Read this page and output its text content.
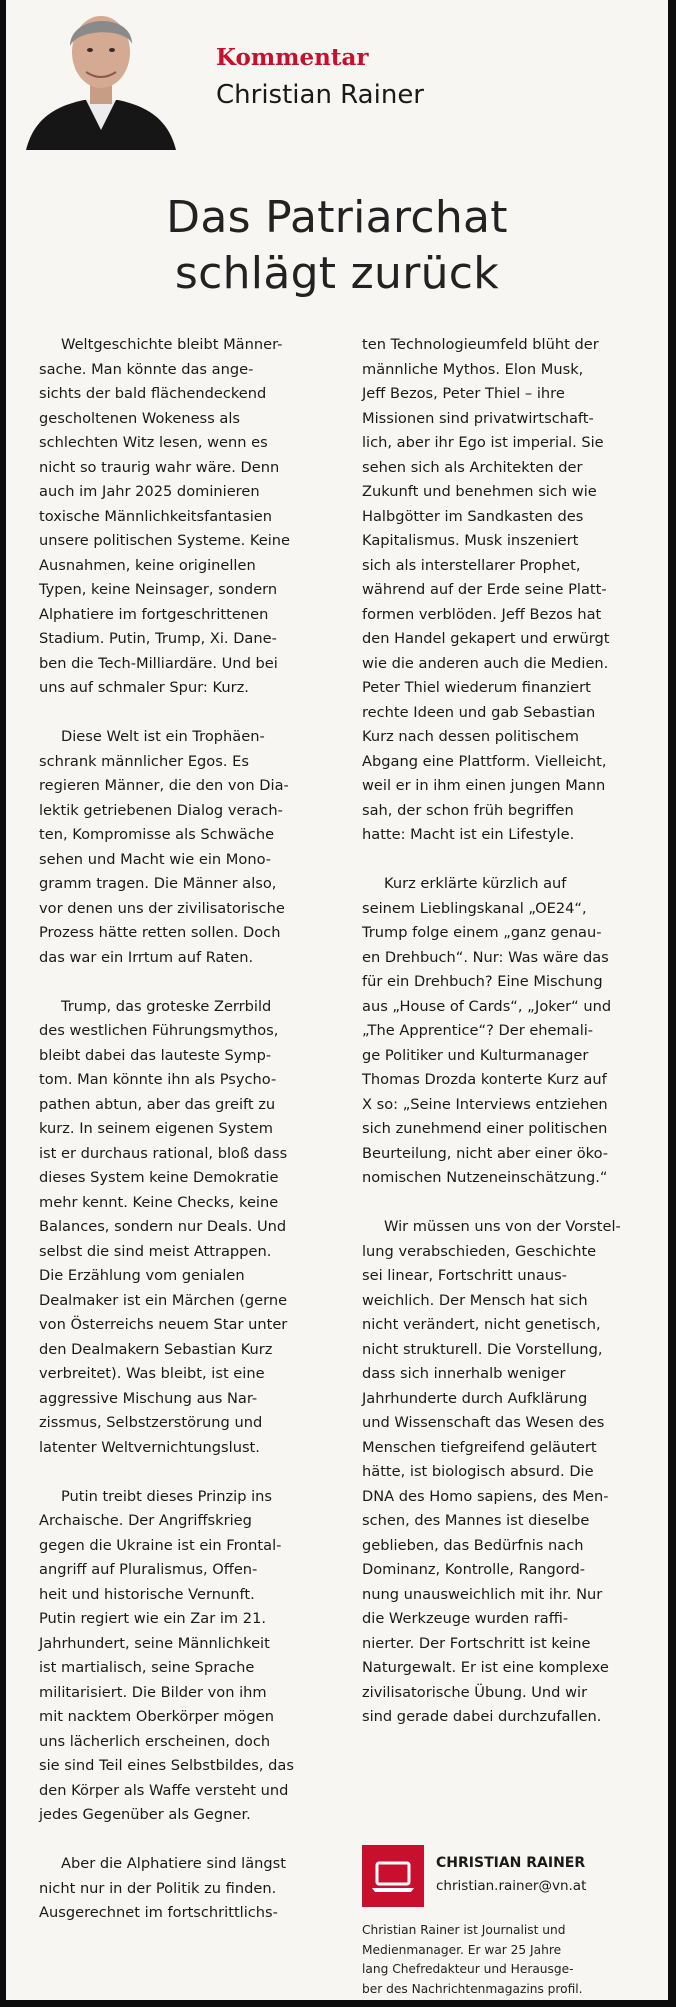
Kommentar
Christian Rainer
Das Patriarchat
schlägt zurück

Weltgeschichte bleibt Männer-
sache. Man könnte das ange-
sichts der bald flächendeckend
gescholtenen Wokeness als
schlechten Witz lesen, wenn es
nicht so traurig wahr wäre. Denn
auch im Jahr 2025 dominieren
toxische Männlichkeitsfantasien
unsere politischen Systeme. Keine
Ausnahmen, keine originellen
Typen, keine Neinsager, sondern
Alphatiere im fortgeschrittenen
Stadium. Putin, Trump, Xi. Dane-
ben die Tech-Milliardäre. Und bei
uns auf schmaler Spur: Kurz.

Diese Welt ist ein Trophäen-
schrank männlicher Egos. Es
regieren Männer, die den von Dia-
lektik getriebenen Dialog verach-
ten, Kompromisse als Schwäche
sehen und Macht wie ein Mono-
gramm tragen. Die Männer also,
vor denen uns der zivilisatorische
Prozess hätte retten sollen. Doch
das war ein Irrtum auf Raten.

Trump, das groteske Zerrbild
des westlichen Führungsmythos,
bleibt dabei das lauteste Symp-
tom. Man könnte ihn als Psycho-
pathen abtun, aber das greift zu
kurz. In seinem eigenen System
ist er durchaus rational, bloß dass
dieses System keine Demokratie
mehr kennt. Keine Checks, keine
Balances, sondern nur Deals. Und
selbst die sind meist Attrappen.
Die Erzählung vom genialen
Dealmaker ist ein Märchen (gerne
von Österreichs neuem Star unter
den Dealmakern Sebastian Kurz
verbreitet). Was bleibt, ist eine
aggressive Mischung aus Nar-
zissmus, Selbstzerstörung und
latenter Weltvernichtungslust.

Putin treibt dieses Prinzip ins
Archaische. Der Angriffskrieg
gegen die Ukraine ist ein Frontal-
angriff auf Pluralismus, Offen-
heit und historische Vernunft.
Putin regiert wie ein Zar im 21.
Jahrhundert, seine Männlichkeit
ist martialisch, seine Sprache
militarisiert. Die Bilder von ihm
mit nacktem Oberkörper mögen
uns lächerlich erscheinen, doch
sie sind Teil eines Selbstbildes, das
den Körper als Waffe versteht und
jedes Gegenüber als Gegner.

Aber die Alphatiere sind längst
nicht nur in der Politik zu finden.
Ausgerechnet im fortschrittlichs-

ten Technologieumfeld blüht der
männliche Mythos. Elon Musk,
Jeff Bezos, Peter Thiel – ihre
Missionen sind privatwirtschaft-
lich, aber ihr Ego ist imperial. Sie
sehen sich als Architekten der
Zukunft und benehmen sich wie
Halbgötter im Sandkasten des
Kapitalismus. Musk inszeniert
sich als interstellarer Prophet,
während auf der Erde seine Platt-
formen verblöden. Jeff Bezos hat
den Handel gekapert und erwürgt
wie die anderen auch die Medien.
Peter Thiel wiederum finanziert
rechte Ideen und gab Sebastian
Kurz nach dessen politischem
Abgang eine Plattform. Vielleicht,
weil er in ihm einen jungen Mann
sah, der schon früh begriffen
hatte: Macht ist ein Lifestyle.

Kurz erklärte kürzlich auf
seinem Lieblingskanal „OE24“,
Trump folge einem „ganz genau-
en Drehbuch“. Nur: Was wäre das
für ein Drehbuch? Eine Mischung
aus „House of Cards“, „Joker“ und
„The Apprentice“? Der ehemali-
ge Politiker und Kulturmanager
Thomas Drozda konterte Kurz auf
X so: „Seine Interviews entziehen
sich zunehmend einer politischen
Beurteilung, nicht aber einer öko-
nomischen Nutzeneinschätzung.“

Wir müssen uns von der Vorstel-
lung verabschieden, Geschichte
sei linear, Fortschritt unaus-
weichlich. Der Mensch hat sich
nicht verändert, nicht genetisch,
nicht strukturell. Die Vorstellung,
dass sich innerhalb weniger
Jahrhunderte durch Aufklärung
und Wissenschaft das Wesen des
Menschen tiefgreifend geläutert
hätte, ist biologisch absurd. Die
DNA des Homo sapiens, des Men-
schen, des Mannes ist dieselbe
geblieben, das Bedürfnis nach
Dominanz, Kontrolle, Rangord-
nung unausweichlich mit ihr. Nur
die Werkzeuge wurden raffi-
nierter. Der Fortschritt ist keine
Naturgewalt. Er ist eine komplexe
zivilisatorische Übung. Und wir
sind gerade dabei durchzufallen.

CHRISTIAN RAINER
christian.rainer@vn.at

Christian Rainer ist Journalist und

Medienmanager. Er war 25 Jahre

lang Chefredakteur und Herausge-

ber des Nachrichtenmagazins profil.
